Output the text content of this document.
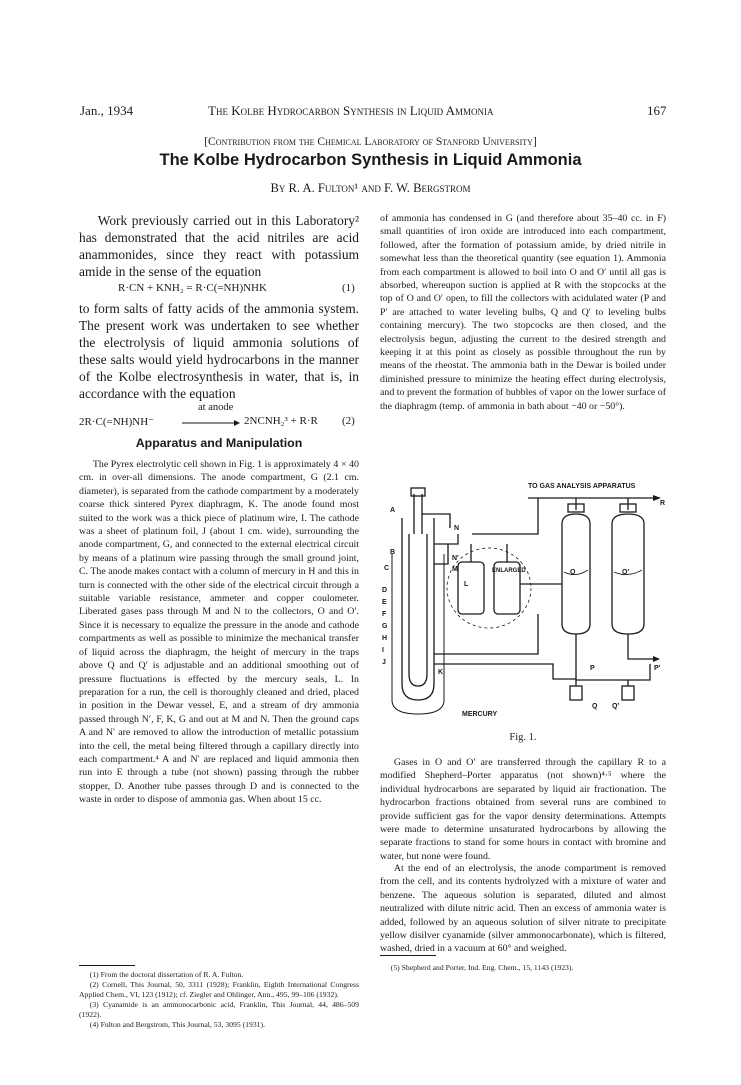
Jan., 1934	The Kolbe Hydrocarbon Synthesis in Liquid Ammonia	167
[Contribution from the Chemical Laboratory of Stanford University]
The Kolbe Hydrocarbon Synthesis in Liquid Ammonia
By R. A. Fulton¹ and F. W. Bergstrom

Work previously carried out in this Laboratory² has demonstrated that the acid nitriles are acid anammonides, since they react with potassium amide in the sense of the equation

R·CN + KNH₂ = R·C(=NH)NHK	(1)

to form salts of fatty acids of the ammonia system. The present work was undertaken to see whether the electrolysis of liquid ammonia solutions of these salts would yield hydrocarbons in the manner of the Kolbe electrosynthesis in water, that is, in accordance with the equation

at anode
2R·C(=NH)NH⁻ → 2NCNH₂³ + R·R (2)
Apparatus and Manipulation

The Pyrex electrolytic cell shown in Fig. 1 is approximately 4 × 40 cm. in over-all dimensions. The anode compartment, G (2.1 cm. diameter), is separated from the cathode compartment by a moderately coarse thick sintered Pyrex diaphragm, K. The anode found most suited to the work was a thick piece of platinum wire, I. The cathode was a sheet of platinum foil, J (about 1 cm. wide), surrounding the anode compartment, G, and connected to the external electrical circuit by means of a platinum wire passing through the small ground joint, C. The anode makes contact with a column of mercury in H and this in turn is connected with the other side of the electrical circuit through a suitable variable resistance, ammeter and copper coulometer. Liberated gases pass through M and N to the collectors, O and O′. Since it is necessary to equalize the pressure in the anode and cathode compartments as well as possible to minimize the mechanical transfer of liquid across the diaphragm, the height of mercury in the traps above Q and Q′ is adjustable and an additional smoothing out of pressure fluctuations is effected by the mercury seals, L. In preparation for a run, the cell is thoroughly cleaned and dried, placed in position in the Dewar vessel, E, and a stream of dry ammonia passed through N′, F, K, G and out at M and N. Then the ground caps A and N′ are removed to allow the introduction of metallic potassium into the cell, the metal being filtered through a capillary directly into each compartment.⁴ A and N′ are replaced and liquid ammonia then run into E through a tube (not shown) passing through the rubber stopper, D. Another tube passes through D and is connected to the waste in order to dispose of ammonia gas. When about 15 cc.

(1) From the doctoral dissertation of R. A. Fulton.

(2) Cornell, This Journal, 50, 3311 (1928); Franklin, Eighth International Congress Applied Chem., VI, 123 (1912); cf. Ziegler and Ohlinger, Ann., 495, 99–106 (1932).

(3) Cyanamide is an ammonocarbonic acid, Franklin, This Journal, 44, 486–509 (1922).

(4) Fulton and Bergstrom, This Journal, 53, 3095 (1931).

of ammonia has condensed in G (and therefore about 35–40 cc. in F) small quantities of iron oxide are introduced into each compartment, followed, after the formation of potassium amide, by dried nitrile in somewhat less than the theoretical quantity (see equation 1). Ammonia from each compartment is allowed to boil into O and O′ until all gas is absorbed, whereupon suction is applied at R with the stopcocks at the top of O and O′ open, to fill the collectors with acidulated water (P and P′ are attached to water leveling bulbs, Q and Q′ to leveling bulbs containing mercury). The two stopcocks are then closed, and the electrolysis begun, adjusting the current to the desired strength and keeping it at this point as closely as possible throughout the run by means of the rheostat. The ammonia bath in the Dewar is boiled under diminished pressure to minimize the heating effect during electrolysis, and to prevent the formation of bubbles of vapor on the lower surface of the diaphragm (temp. of ammonia in bath about −40 or −50°).

TO GAS ANALYSIS APPARATUS
R
A
N
B
C
N′
M	ENLARGED	O	O′
L
D
E
F
G
H
I
J
K
P	P′
Q Q′
MERCURY
Fig. 1.

Gases in O and O′ are transferred through the capillary R to a modified Shepherd–Porter apparatus (not shown)⁴·⁵ where the individual hydrocarbons are separated by liquid air fractionation. The hydrocarbon fractions obtained from several runs are combined to provide sufficient gas for the vapor density determinations. Attempts were made to determine unsaturated hydrocarbons by allowing the separate fractions to stand for some hours in contact with bromine and water, but none were found.

At the end of an electrolysis, the anode compartment is removed from the cell, and its contents hydrolyzed with a mixture of water and benzene. The aqueous solution is separated, diluted and almost neutralized with dilute nitric acid. Then an excess of ammonia water is added, followed by an aqueous solution of silver nitrate to precipitate yellow disilver cyanamide (silver ammonocarbonate), which is filtered, washed, dried in a vacuum at 60° and weighed.

(5) Shepherd and Porter, Ind. Eng. Chem., 15, 1143 (1923).
